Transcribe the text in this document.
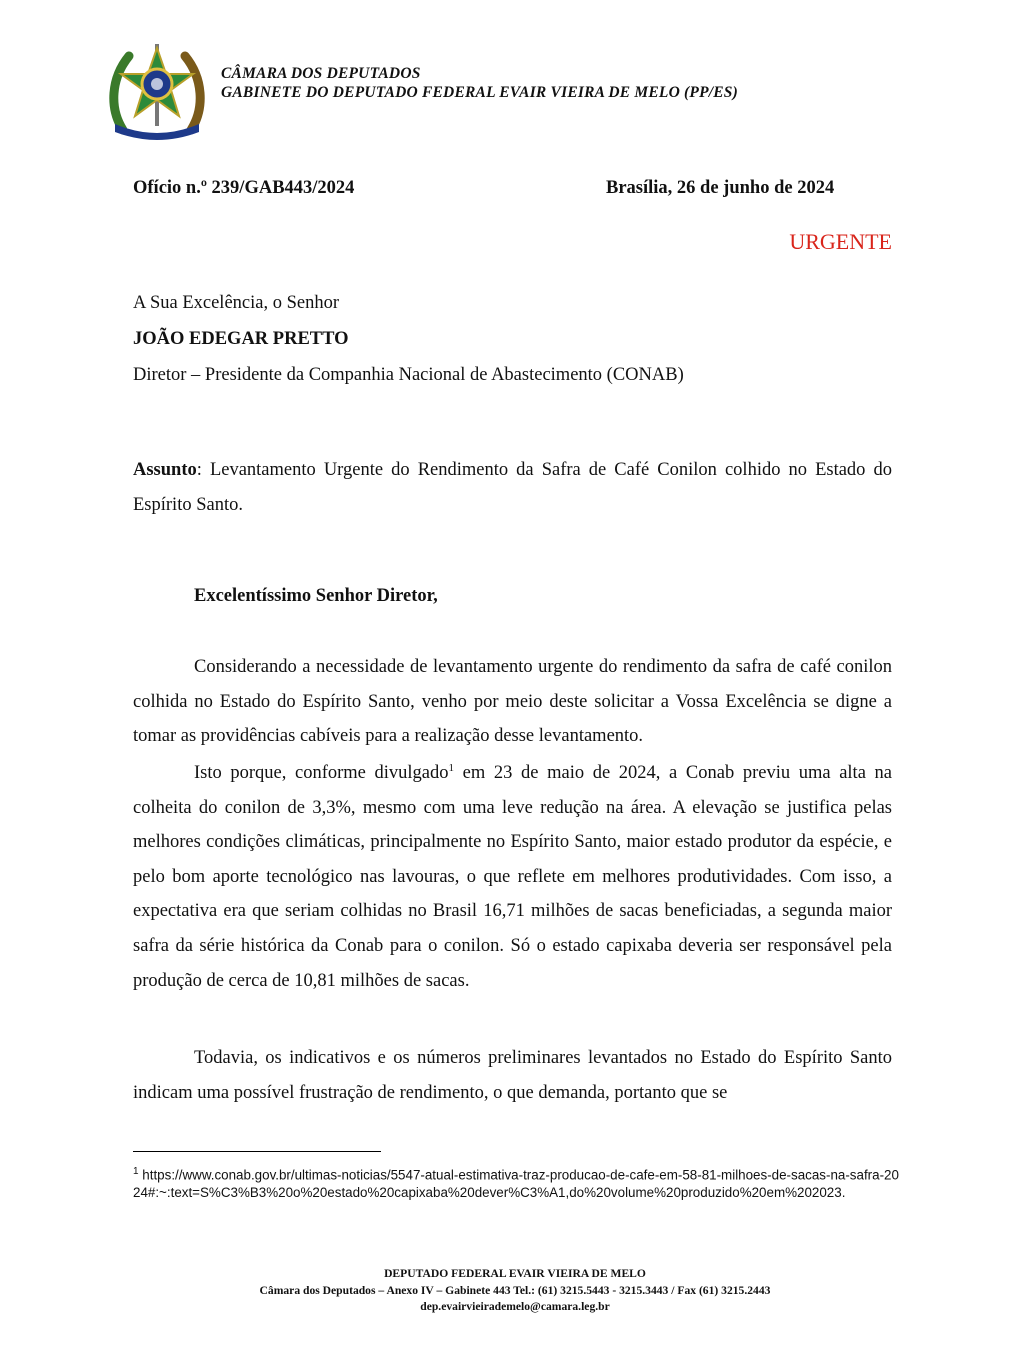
CÂMARA DOS DEPUTADOS
GABINETE DO DEPUTADO FEDERAL EVAIR VIEIRA DE MELO (PP/ES)
Ofício n.º 239/GAB443/2024	Brasília, 26 de junho de 2024
URGENTE
A Sua Excelência, o Senhor
JOÃO EDEGAR PRETTO
Diretor – Presidente da Companhia Nacional de Abastecimento (CONAB)
Assunto: Levantamento Urgente do Rendimento da Safra de Café Conilon colhido no Estado do Espírito Santo.
Excelentíssimo Senhor Diretor,
Considerando a necessidade de levantamento urgente do rendimento da safra de café conilon colhida no Estado do Espírito Santo, venho por meio deste solicitar a Vossa Excelência se digne a tomar as providências cabíveis para a realização desse levantamento.
Isto porque, conforme divulgado$^1$ em 23 de maio de 2024, a Conab previu uma alta na colheita do conilon de 3,3%, mesmo com uma leve redução na área. A elevação se justifica pelas melhores condições climáticas, principalmente no Espírito Santo, maior estado produtor da espécie, e pelo bom aporte tecnológico nas lavouras, o que reflete em melhores produtividades. Com isso, a expectativa era que seriam colhidas no Brasil 16,71 milhões de sacas beneficiadas, a segunda maior safra da série histórica da Conab para o conilon. Só o estado capixaba deveria ser responsável pela produção de cerca de 10,81 milhões de sacas.
Todavia, os indicativos e os números preliminares levantados no Estado do Espírito Santo indicam uma possível frustração de rendimento, o que demanda, portanto que se
$^1$ https://www.conab.gov.br/ultimas-noticias/5547-atual-estimativa-traz-producao-de-cafe-em-58-81-milhoes-de-sacas-na-safra-2024#:~:text=S%C3%B3%20o%20estado%20capixaba%20dever%C3%A1,do%20volume%20produzido%20em%202023.
DEPUTADO FEDERAL EVAIR VIEIRA DE MELO
Câmara dos Deputados – Anexo IV – Gabinete 443 Tel.: (61) 3215.5443 - 3215.3443 / Fax (61) 3215.2443
dep.evairvieirademelo@camara.leg.br
